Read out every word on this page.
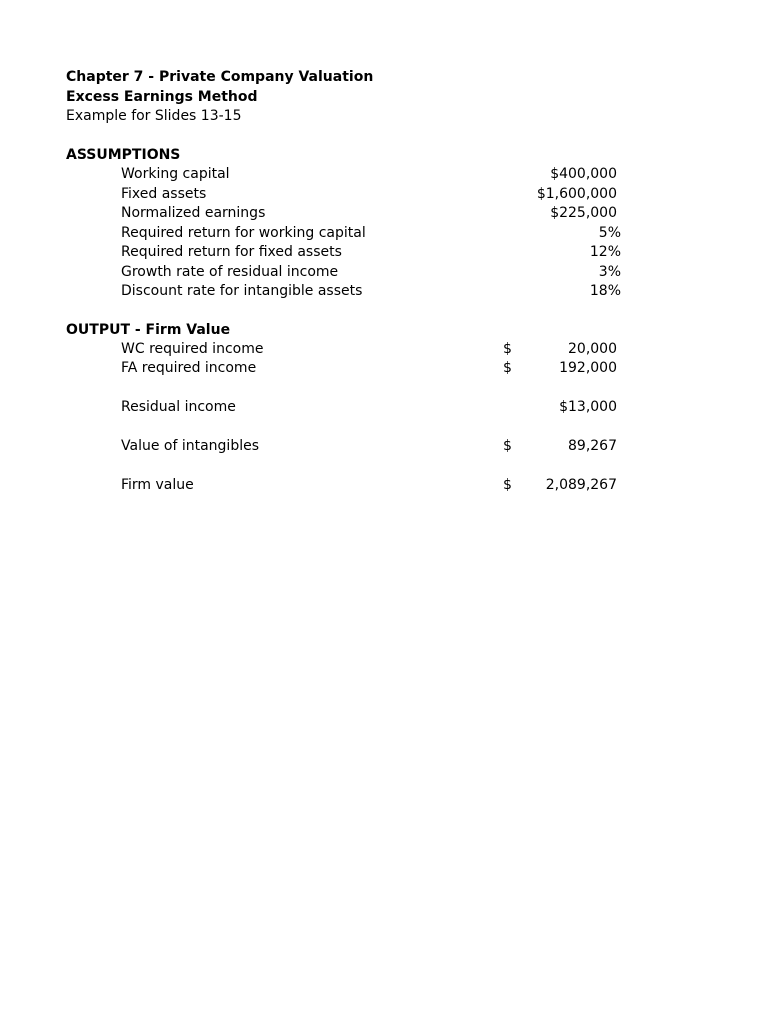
Chapter 7 - Private Company Valuation
Excess Earnings Method
Example for Slides 13-15
ASSUMPTIONS
Working capital	$400,000
Fixed assets	$1,600,000
Normalized earnings	$225,000
Required return for working capital	5%
Required return for fixed assets	12%
Growth rate of residual income	3%
Discount rate for intangible assets	18%
OUTPUT - Firm Value
WC required income	$	20,000
FA required income	$	192,000
Residual income	$13,000
Value of intangibles	$	89,267
Firm value	$ 2,089,267
